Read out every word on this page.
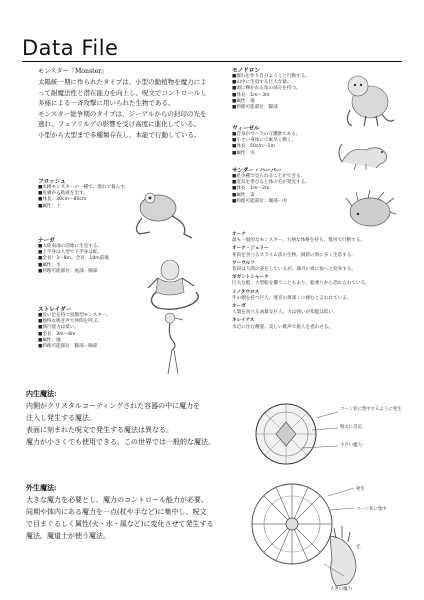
Data File
モンスター『Monster』
太陽統一期に作られたタイプは、小型の動植物を魔力によ
って耐魔法性と潜在能力を向上し、呪文でコントロールし
多様による一斉攻撃に用いられた生物である。
モンスター総争期のタイプは、ジーゲルからの封印の光を
逃れ、フェアリルゲの影響を受け高度に進化している。
小型から大型まで多種類存在し、本能で行動している。
モノドロン
■群れを作り自分ようこと行動する。
■山中に生息する巨大な猿。
■頭に輝かれる角の部分を持つ。
■体長：1m〜3m
■属性：地
■料理可能部位：脚部
ヴィーゼル
■自身がサハラの守護獣である。
■小さい身体にて素早く動く。
■体長：50cm〜1m
■属性：水
フロッシュ
■水棲モンスターの一種で、群れで暮らす。
■皮膚から粘液を出す。
■体長：30cm〜80cm
■属性：土
サンダー・ハーバー
■希少種で見られることができる。
■電気を帯びると体の毛が発光する。
■体長：1m〜2m
■属性：雷
■料理可能部位：翼部・肉
ナーガ
■大陸南部の沼地に生息する。
■上半身は人型で下半身は蛇。
■全長：3〜8m。全長：10m前後
■属性：水
■料理可能部位：尾部・胴部
ストレイダー
■長い足を持つ鳥類型モンスター。
■独特な鳴き声で仲間を呼ぶ。
■飛行能力は低い。
■全長：3m〜8m
■属性：風
■料理可能部位：脚部・胸部
オーク
最も一般的なモンスター。大柄な体格を持ち、集団で行動する。
オーク・ジェリー
死肉を食べるスライム状の生物。洞窟の奥に多く生息する。
ワーウルフ
普段は人間の姿をしているが、満月の夜に狼へと変身する。
ギガントシャーク
巨大な鮫。大型船を襲うこともあり、船乗りから恐れられている。
ミノタウロス
牛の頭を持つ巨人。迷宮の奥深くに棲むと言われている。
オーガ
人間を食べる凶暴な巨人。力は強いが知能は低い。
ネレイアス
水辺に住む精霊。美しい歌声で旅人を惑わせる。
内生魔法:
内側がクリスタルコーティングされた容器の中に魔力を
注入し発生する魔法。
表面に刻まれた呪文で発生する魔法は異なる。
魔力が小さくても使用できる、この世界では一般的な魔法。
外生魔法:
大きな魔力を必要とし、魔力のコントロール能力が必要。
同期や体内にある魔力を一点(杖や手など)に集中し、呪文
で目まぐるしく属性(火・水・風など)に変化させて発生する
魔法。魔道士が使う魔法。
コーン状に集中するように発生
呪文に反応
小さい魔力
発生
コーン状に集中
光
大きい魔力
